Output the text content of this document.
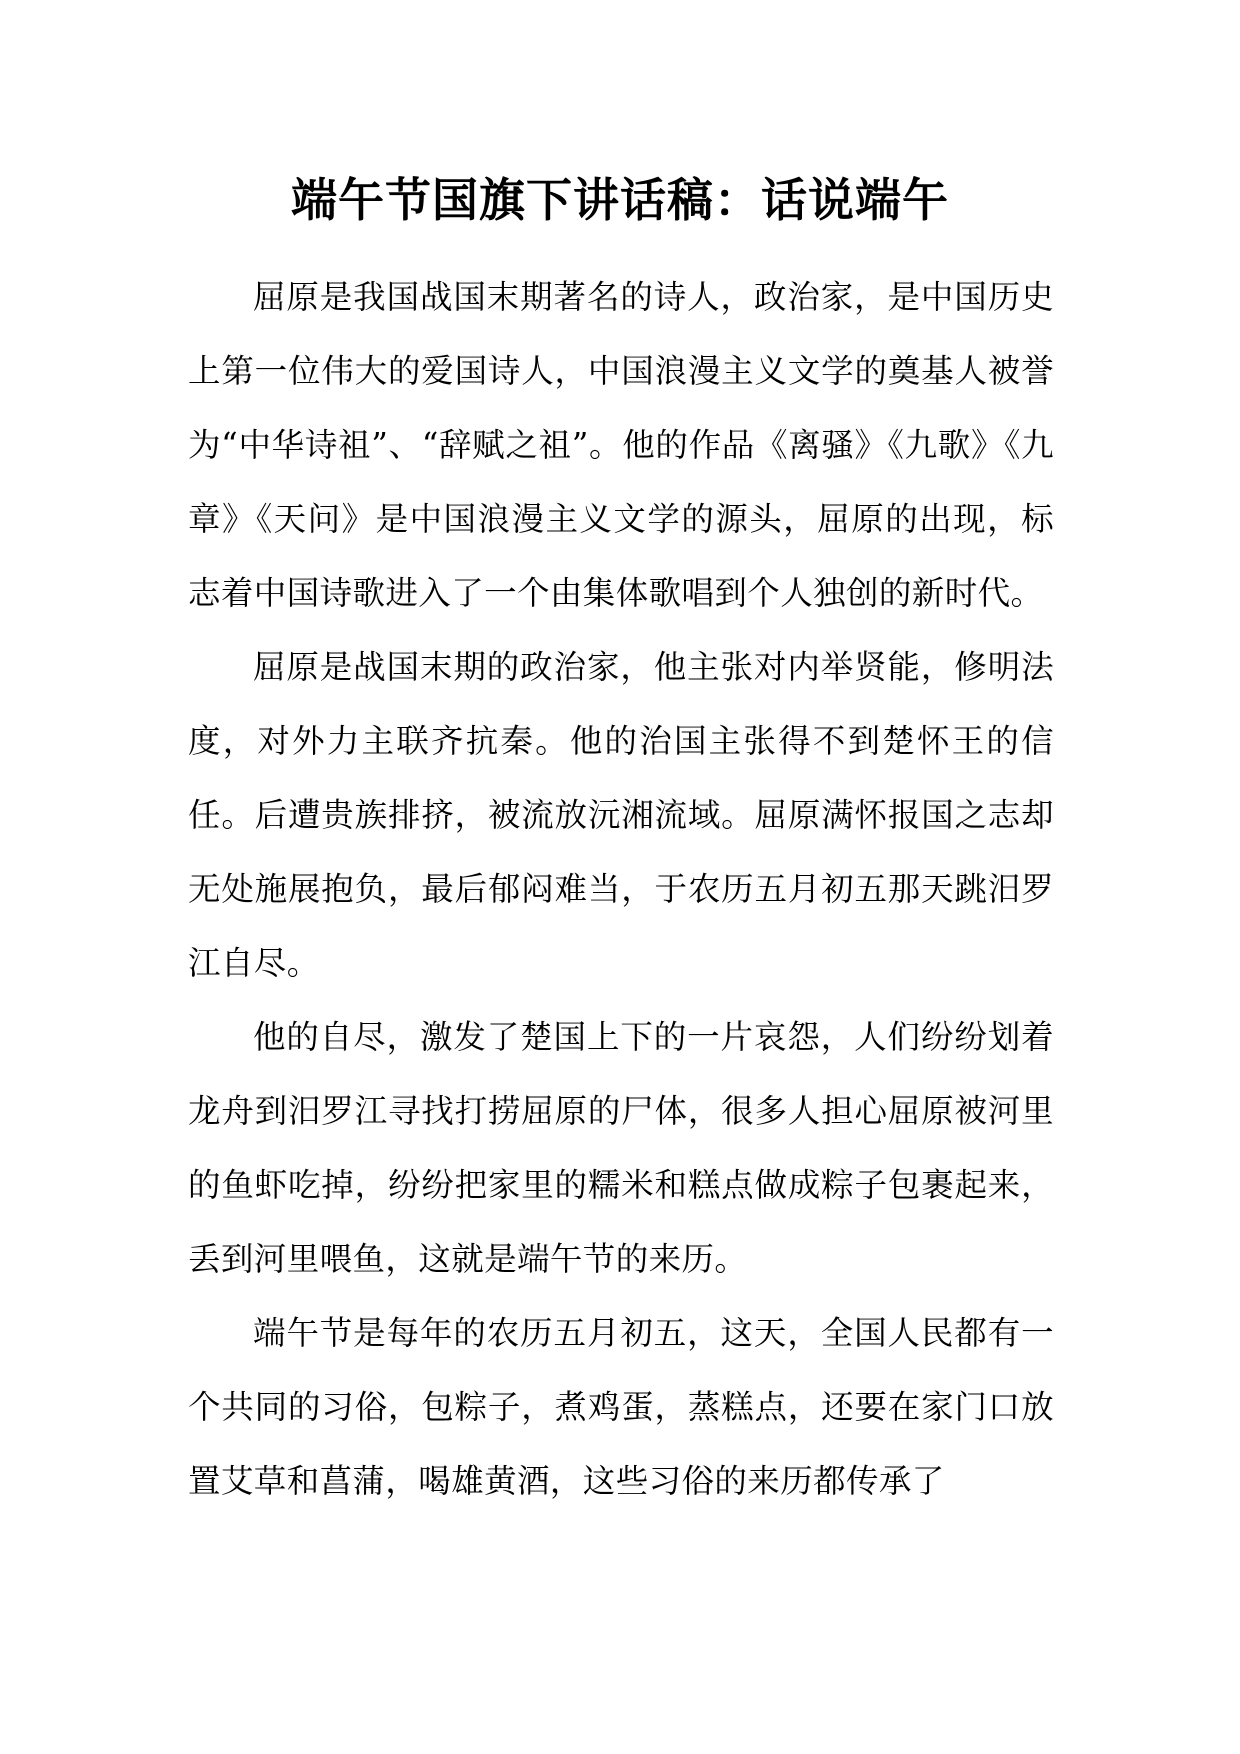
端午节国旗下讲话稿：话说端午

屈原是我国战国末期著名的诗人，政治家，是中国历史上第一位伟大的爱国诗人，中国浪漫主义文学的奠基人被誉为“中华诗祖”、“辞赋之祖”。他的作品《离骚》《九歌》《九章》《天问》是中国浪漫主义文学的源头，屈原的出现，标志着中国诗歌进入了一个由集体歌唱到个人独创的新时代。

屈原是战国末期的政治家，他主张对内举贤能，修明法度，对外力主联齐抗秦。他的治国主张得不到楚怀王的信任。后遭贵族排挤，被流放沅湘流域。屈原满怀报国之志却无处施展抱负，最后郁闷难当，于农历五月初五那天跳汨罗江自尽。

他的自尽，激发了楚国上下的一片哀怨，人们纷纷划着龙舟到汨罗江寻找打捞屈原的尸体，很多人担心屈原被河里的鱼虾吃掉，纷纷把家里的糯米和糕点做成粽子包裹起来，丢到河里喂鱼，这就是端午节的来历。

端午节是每年的农历五月初五，这天，全国人民都有一个共同的习俗，包粽子，煮鸡蛋，蒸糕点，还要在家门口放置艾草和菖蒲，喝雄黄酒，这些习俗的来历都传承了
